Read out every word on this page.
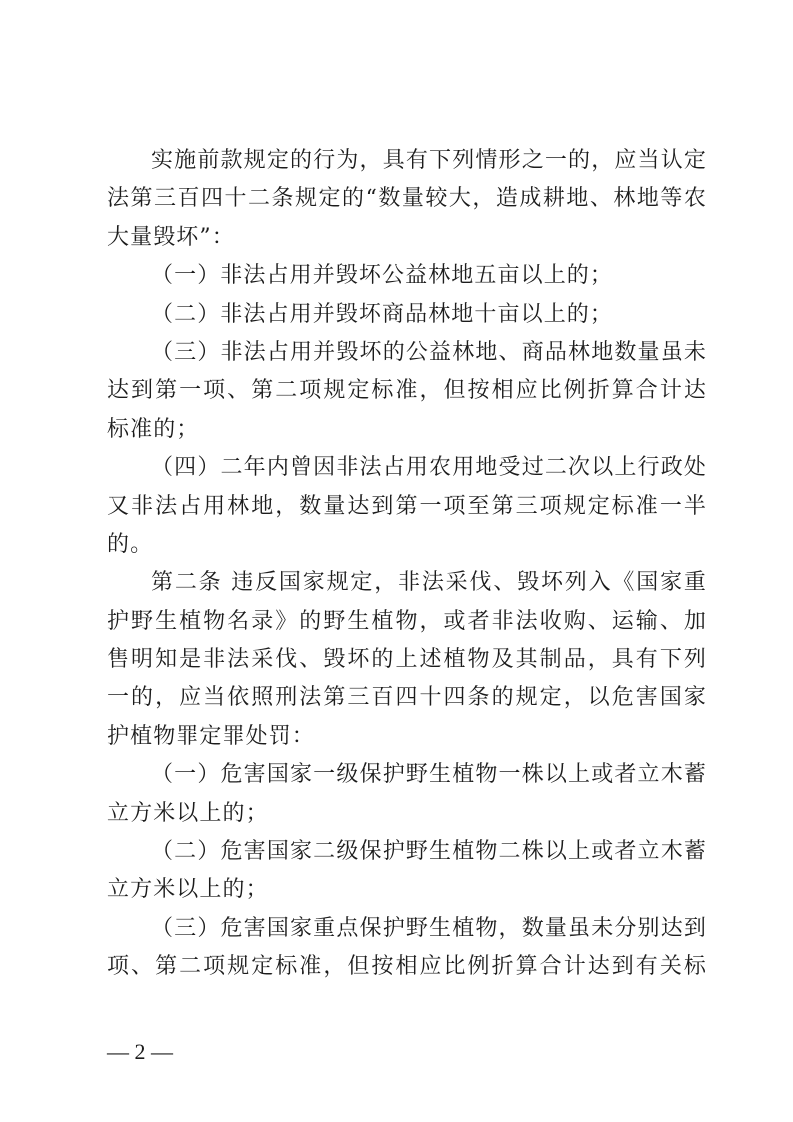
实施前款规定的行为，具有下列情形之一的，应当认定
法第三百四十二条规定的“数量较大，造成耕地、林地等农
大量毁坏”：
（一）非法占用并毁坏公益林地五亩以上的；
（二）非法占用并毁坏商品林地十亩以上的；
（三）非法占用并毁坏的公益林地、商品林地数量虽未
达到第一项、第二项规定标准，但按相应比例折算合计达
标准的；
（四）二年内曾因非法占用农用地受过二次以上行政处
又非法占用林地，数量达到第一项至第三项规定标准一半
的。
第二条 违反国家规定，非法采伐、毁坏列入《国家重
护野生植物名录》的野生植物，或者非法收购、运输、加
售明知是非法采伐、毁坏的上述植物及其制品，具有下列
一的，应当依照刑法第三百四十四条的规定，以危害国家
护植物罪定罪处罚：
（一）危害国家一级保护野生植物一株以上或者立木蓄
立方米以上的；
（二）危害国家二级保护野生植物二株以上或者立木蓄
立方米以上的；
（三）危害国家重点保护野生植物，数量虽未分别达到
项、第二项规定标准，但按相应比例折算合计达到有关标
— 2 —
